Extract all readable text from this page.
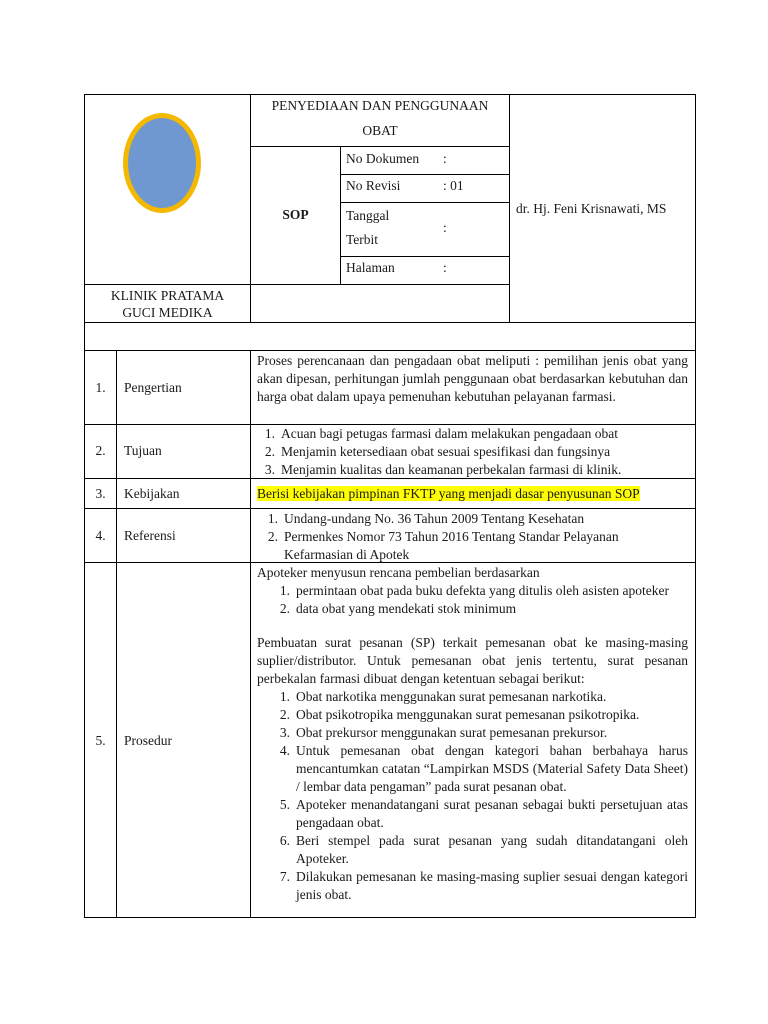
PENYEDIAAN DAN PENGGUNAAN
OBAT
SOP
No Dokumen :
No Revisi	: 01
Tanggal
Terbit
:
Halaman	:
dr. Hj. Feni Krisnawati, MS
KLINIK PRATAMA
GUCI MEDIKA
1.	Pengertian
Proses perencanaan dan pengadaan obat meliputi : pemilihan jenis obat yang akan dipesan, perhitungan jumlah penggunaan obat berdasarkan kebutuhan dan harga obat dalam upaya pemenuhan kebutuhan pelayanan farmasi.
2.	Tujuan
1. Acuan bagi petugas farmasi dalam melakukan pengadaan obat
2. Menjamin ketersediaan obat sesuai spesifikasi dan fungsinya
3. Menjamin kualitas dan keamanan perbekalan farmasi di klinik.
3.	Kebijakan	Berisi kebijakan pimpinan FKTP yang menjadi dasar penyusunan SOP
4.	Referensi
1. Undang-undang No. 36 Tahun 2009 Tentang Kesehatan
2. Permenkes Nomor 73 Tahun 2016 Tentang Standar Pelayanan Kefarmasian di Apotek
5.	Prosedur
Apoteker menyusun rencana pembelian berdasarkan
1. permintaan obat pada buku defekta yang ditulis oleh asisten apoteker
2. data obat yang mendekati stok minimum
Pembuatan surat pesanan (SP) terkait pemesanan obat ke masing-masing suplier/distributor. Untuk pemesanan obat jenis tertentu, surat pesanan perbekalan farmasi dibuat dengan ketentuan sebagai berikut:
1. Obat narkotika menggunakan surat pemesanan narkotika.
2. Obat psikotropika menggunakan surat pemesanan psikotropika.
3. Obat prekursor menggunakan surat pemesanan prekursor.
4. Untuk pemesanan obat dengan kategori bahan berbahaya harus mencantumkan catatan “Lampirkan MSDS (Material Safety Data Sheet) / lembar data pengaman” pada surat pesanan obat.
5. Apoteker menandatangani surat pesanan sebagai bukti persetujuan atas pengadaan obat.
6. Beri stempel pada surat pesanan yang sudah ditandatangani oleh Apoteker.
7. Dilakukan pemesanan ke masing-masing suplier sesuai dengan kategori jenis obat.
